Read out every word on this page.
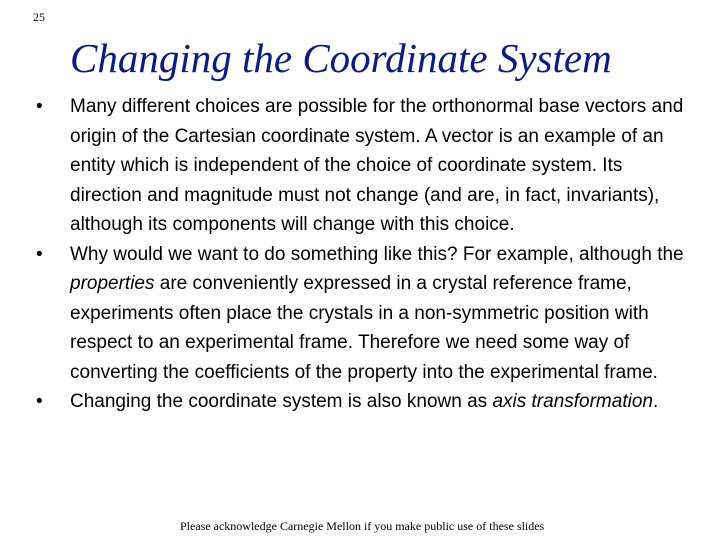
25
Changing the Coordinate System
• Many different choices are possible for the orthonormal base vectors and origin of the Cartesian coordinate system. A vector is an example of an entity which is independent of the choice of coordinate system. Its direction and magnitude must not change (and are, in fact, invariants), although its components will change with this choice.
• Why would we want to do something like this? For example, although the properties are conveniently expressed in a crystal reference frame, experiments often place the crystals in a non-symmetric position with respect to an experimental frame. Therefore we need some way of converting the coefficients of the property into the experimental frame.
• Changing the coordinate system is also known as axis transformation.
Please acknowledge Carnegie Mellon if you make public use of these slides
